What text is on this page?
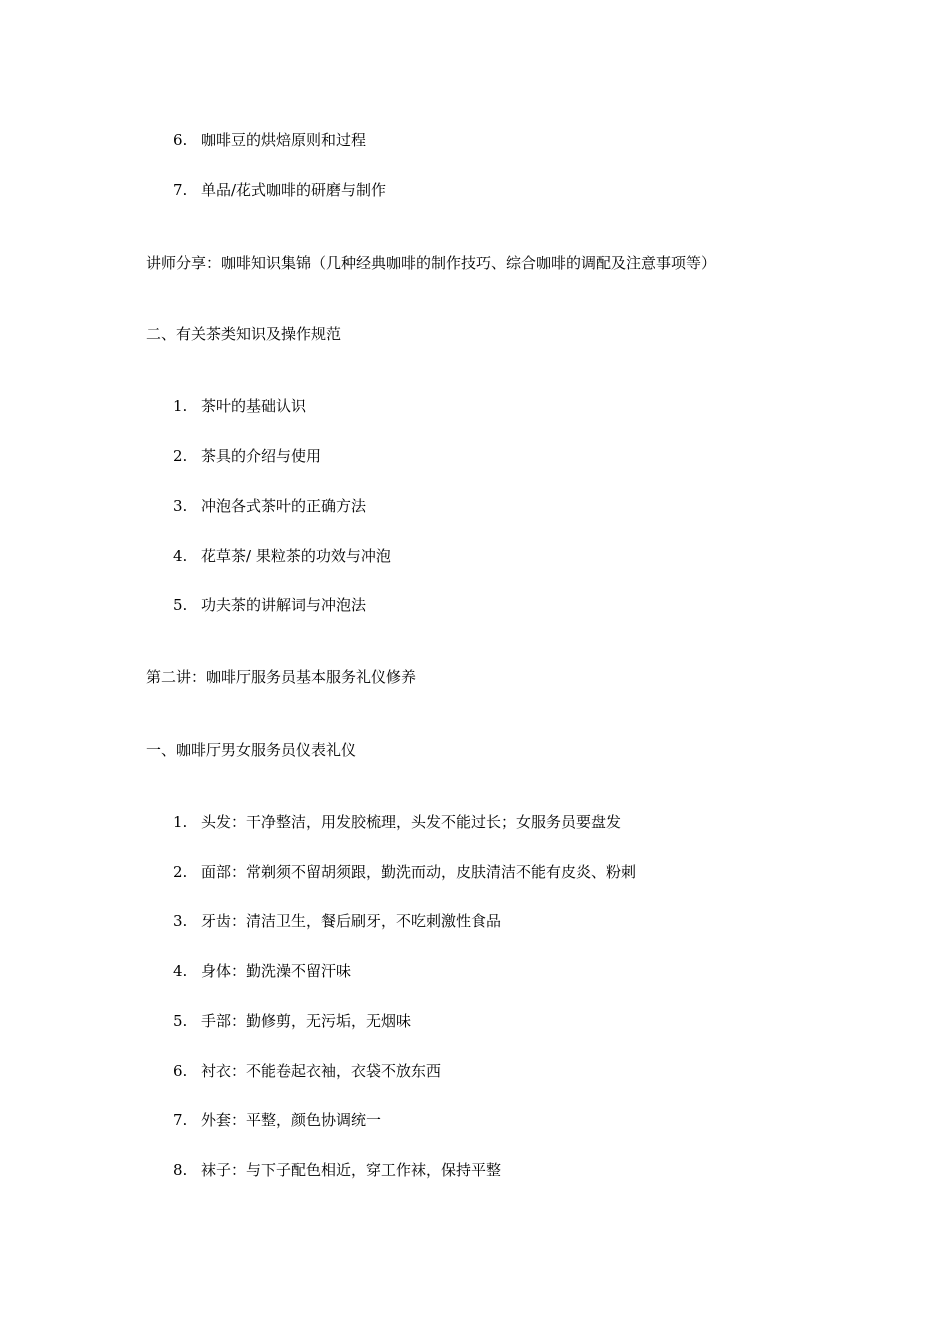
6. 咖啡豆的烘焙原则和过程
7. 单品/花式咖啡的研磨与制作
讲师分享：咖啡知识集锦（几种经典咖啡的制作技巧、综合咖啡的调配及注意事项等）
二、有关茶类知识及操作规范
1. 茶叶的基础认识
2. 茶具的介绍与使用
3. 冲泡各式茶叶的正确方法
4. 花草茶/ 果粒茶的功效与冲泡
5. 功夫茶的讲解词与冲泡法
第二讲：咖啡厅服务员基本服务礼仪修养
一、咖啡厅男女服务员仪表礼仪
1. 头发：干净整洁，用发胶梳理，头发不能过长；女服务员要盘发
2. 面部：常剃须不留胡须跟，勤洗而动，皮肤清洁不能有皮炎、粉刺
3. 牙齿：清洁卫生，餐后刷牙，不吃刺激性食品
4. 身体：勤洗澡不留汗味
5. 手部：勤修剪，无污垢，无烟味
6. 衬衣：不能卷起衣袖，衣袋不放东西
7. 外套：平整，颜色协调统一
8. 袜子：与下子配色相近，穿工作袜，保持平整
